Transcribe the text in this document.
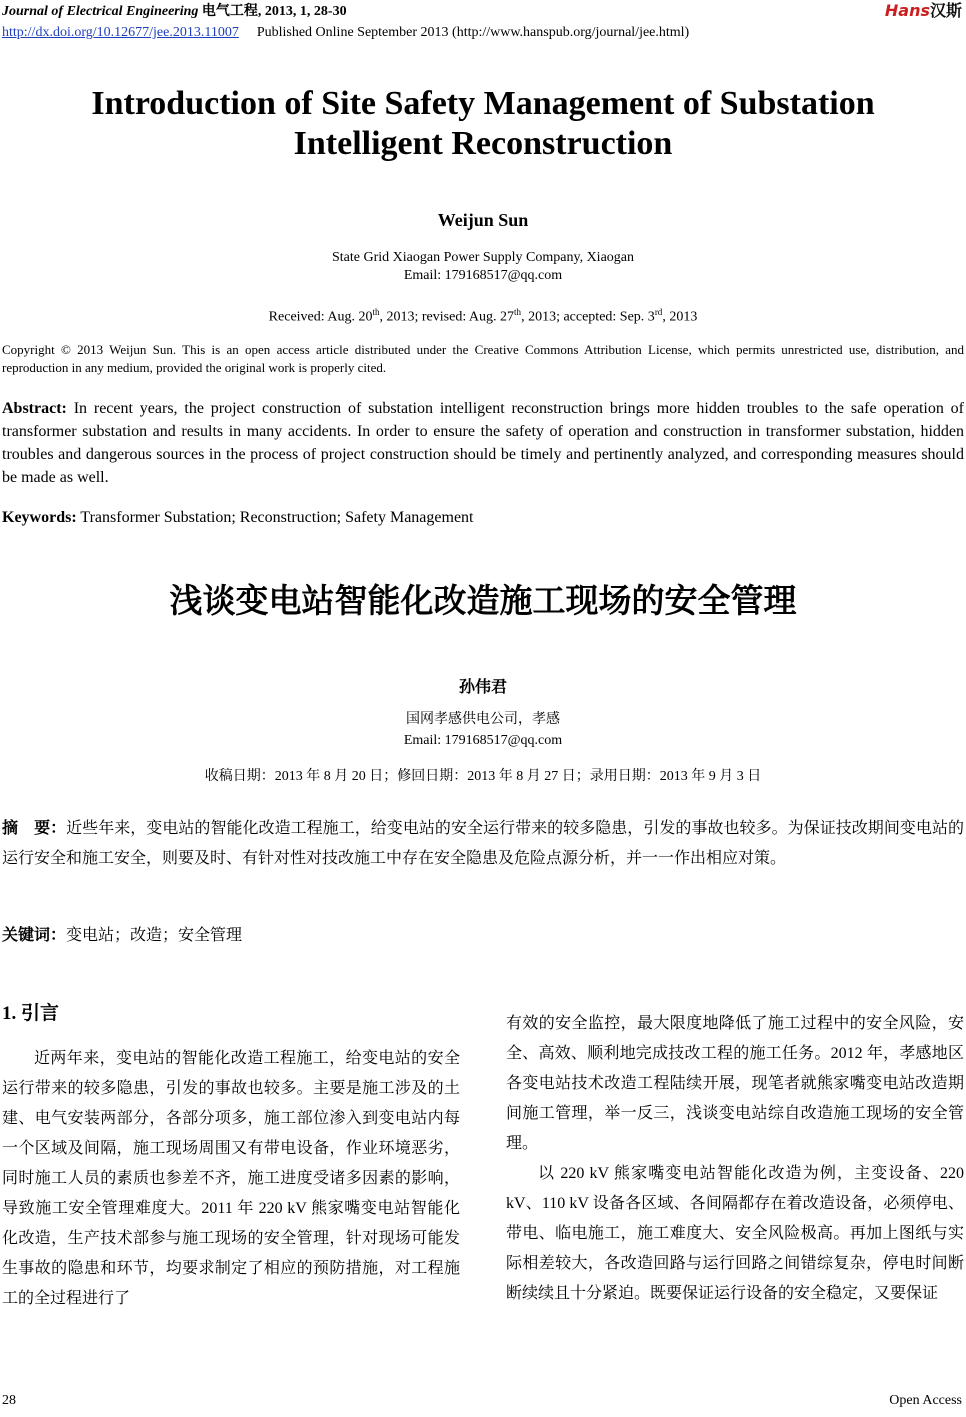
Journal of Electrical Engineering 电气工程, 2013, 1, 28-30	Hans汉斯
http://dx.doi.org/10.12677/jee.2013.11007 Published Online September 2013 (http://www.hanspub.org/journal/jee.html)
Introduction of Site Safety Management of Substation
Intelligent Reconstruction
Weijun Sun
State Grid Xiaogan Power Supply Company, Xiaogan
Email: 179168517@qq.com
Received: Aug. 20th, 2013; revised: Aug. 27th, 2013; accepted: Sep. 3rd, 2013
Copyright © 2013 Weijun Sun. This is an open access article distributed under the Creative Commons Attribution License, which permits unrestricted use, distribution, and reproduction in any medium, provided the original work is properly cited.
Abstract: In recent years, the project construction of substation intelligent reconstruction brings more hidden troubles to the safe operation of transformer substation and results in many accidents. In order to ensure the safety of operation and construction in transformer substation, hidden troubles and dangerous sources in the process of project construction should be timely and pertinently analyzed, and corresponding measures should be made as well.
Keywords: Transformer Substation; Reconstruction; Safety Management
浅谈变电站智能化改造施工现场的安全管理
孙伟君
国网孝感供电公司，孝感
Email: 179168517@qq.com
收稿日期：2013 年 8 月 20 日；修回日期：2013 年 8 月 27 日；录用日期：2013 年 9 月 3 日
摘　要：近些年来，变电站的智能化改造工程施工，给变电站的安全运行带来的较多隐患，引发的事故也较多。为保证技改期间变电站的运行安全和施工安全，则要及时、有针对性对技改施工中存在安全隐患及危险点源分析，并一一作出相应对策。
关键词：变电站；改造；安全管理
1. 引言
近两年来，变电站的智能化改造工程施工，给变电站的安全运行带来的较多隐患，引发的事故也较多。主要是施工涉及的土建、电气安装两部分，各部分项多，施工部位渗入到变电站内每一个区域及间隔，施工现场周围又有带电设备，作业环境恶劣，同时施工人员的素质也参差不齐，施工进度受诸多因素的影响，导致施工安全管理难度大。2011 年 220 kV 熊家嘴变电站智能化化改造，生产技术部参与施工现场的安全管理，针对现场可能发生事故的隐患和环节，均要求制定了相应的预防措施，对工程施工的全过程进行了
有效的安全监控，最大限度地降低了施工过程中的安全风险，安全、高效、顺利地完成技改工程的施工任务。2012 年，孝感地区各变电站技术改造工程陆续开展，现笔者就熊家嘴变电站改造期间施工管理，举一反三，浅谈变电站综自改造施工现场的安全管理。
以 220 kV 熊家嘴变电站智能化改造为例，主变设备、220 kV、110 kV 设备各区域、各间隔都存在着改造设备，必须停电、带电、临电施工，施工难度大、安全风险极高。再加上图纸与实际相差较大，各改造回路与运行回路之间错综复杂，停电时间断断续续且十分紧迫。既要保证运行设备的安全稳定，又要保证
28	Open Access
